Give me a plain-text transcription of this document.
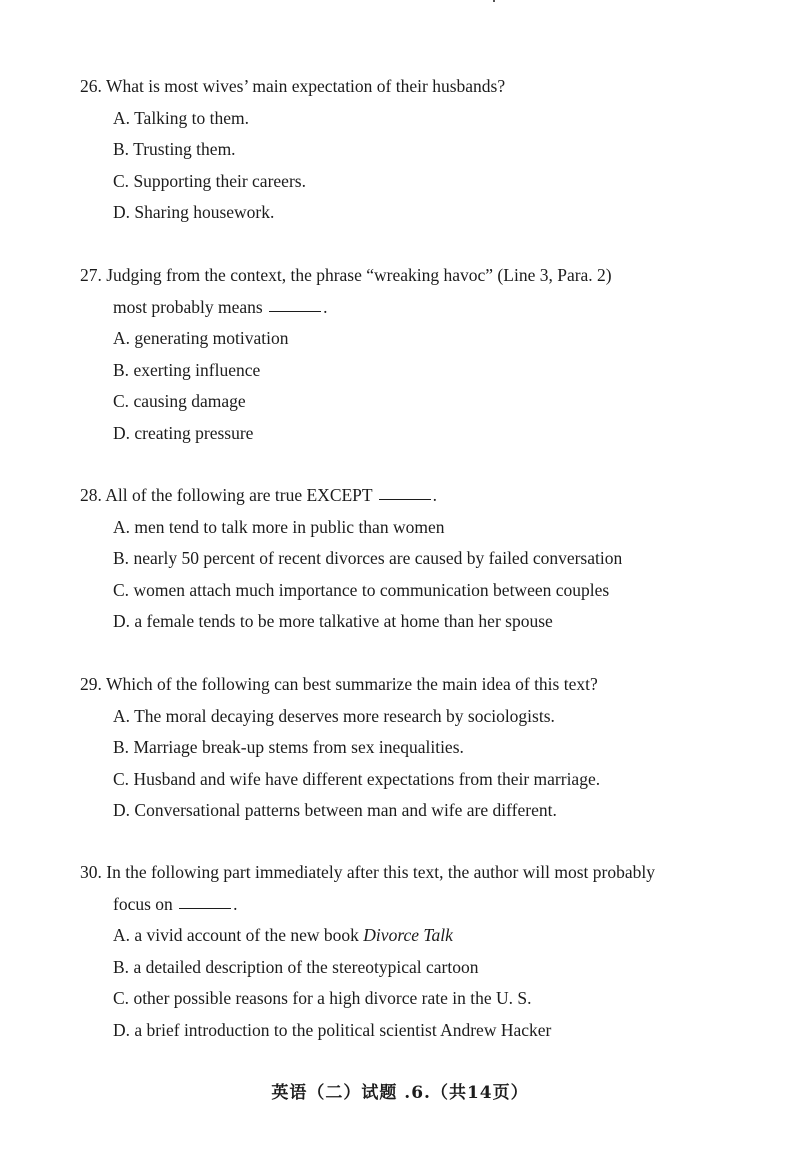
26. What is most wives’ main expectation of their husbands?
A. Talking to them.
B. Trusting them.
C. Supporting their careers.
D. Sharing housework.
27. Judging from the context, the phrase “wreaking havoc” (Line 3, Para. 2)
most probably means	.
A. generating motivation
B. exerting influence
C. causing damage
D. creating pressure
28. All of the following are true EXCEPT	.
A. men tend to talk more in public than women
B. nearly 50 percent of recent divorces are caused by failed conversation
C. women attach much importance to communication between couples
D. a female tends to be more talkative at home than her spouse
29. Which of the following can best summarize the main idea of this text?
A. The moral decaying deserves more research by sociologists.
B. Marriage break-up stems from sex inequalities.
C. Husband and wife have different expectations from their marriage.
D. Conversational patterns between man and wife are different.
30. In the following part immediately after this text, the author will most probably
focus on	.
A. a vivid account of the new book Divorce Talk
B. a detailed description of the stereotypical cartoon
C. other possible reasons for a high divorce rate in the U. S.
D. a brief introduction to the political scientist Andrew Hacker
英语（二）试题 .6.（共14页）
